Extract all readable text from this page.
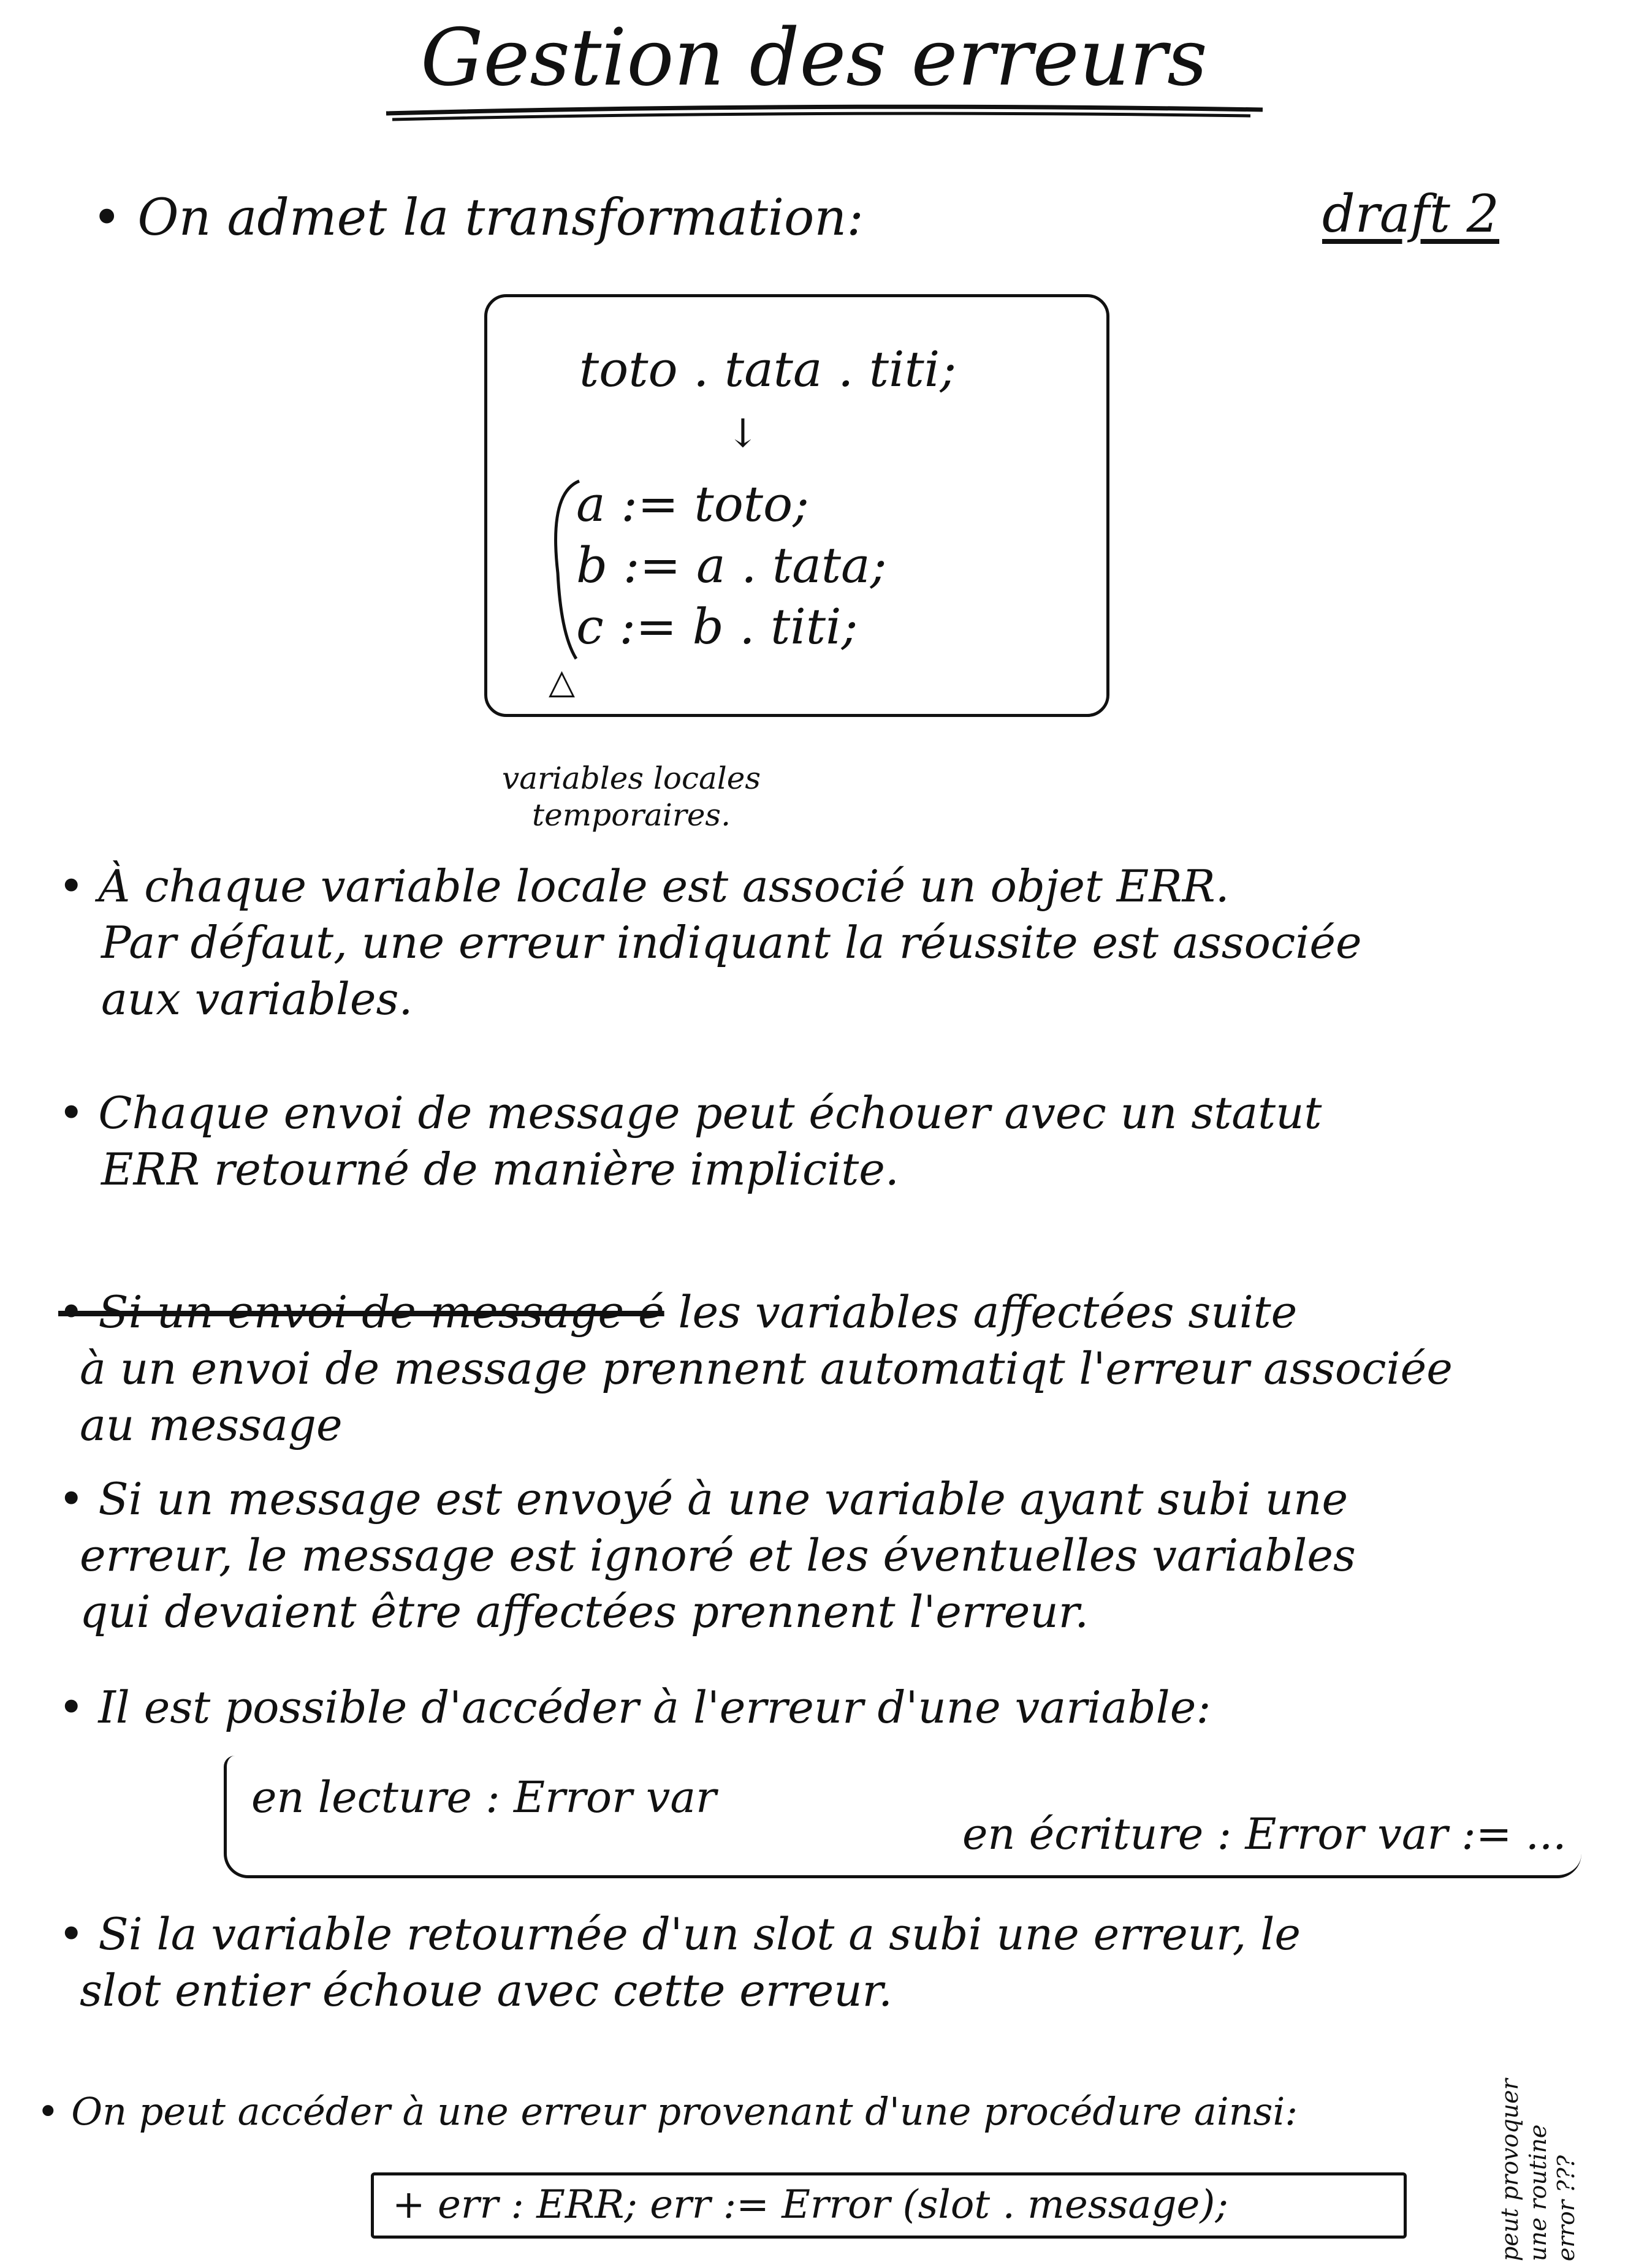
Gestion des erreurs
draft 2
• On admet la transformation:
toto . tata . titi;
↓
a := toto;
b := a . tata;
c := b . titi;
△
variables locales
temporaires.
• À chaque variable locale est associé un objet ERR.
Par défaut, une erreur indiquant la réussite est associée
aux variables.
• Chaque envoi de message peut échouer avec un statut
ERR retourné de manière implicite.
• Si un envoi de message é les variables affectées suite
à un envoi de message prennent automatiqt l'erreur associée
au message
• Si un message est envoyé à une variable ayant subi une
erreur, le message est ignoré et les éventuelles variables
qui devaient être affectées prennent l'erreur.
• Il est possible d'accéder à l'erreur d'une variable:
en lecture : Error var
en écriture : Error var := ...
• Si la variable retournée d'un slot a subi une erreur, le
slot entier échoue avec cette erreur.
• On peut accéder à une erreur provenant d'une procédure ainsi:
+ err : ERR; err := Error (slot . message);	peut provoquer une routine error ???
